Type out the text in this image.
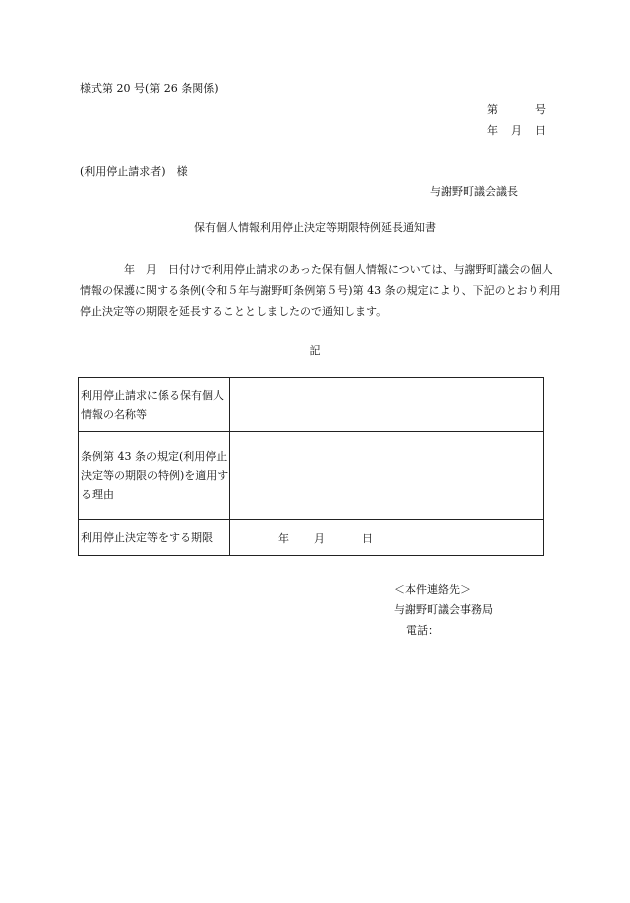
様式第 20 号(第 26 条関係)
第	号
年 月 日
(利用停止請求者)　様
与謝野町議会議長
保有個人情報利用停止決定等期限特例延長通知書
年　月　日付けで利用停止請求のあった保有個人情報については、与謝野町議会の個人情報の保護に関する条例(令和５年与謝野町条例第５号)第 43 条の規定により、下記のとおり利用停止決定等の期限を延長することとしましたので通知します。
記
利用停止請求に係る保有個人情報の名称等	
条例第 43 条の規定(利用停止決定等の期限の特例)を適用する理由	
利用停止決定等をする期限	年 月 日
＜本件連絡先＞
与謝野町議会事務局
電話：
